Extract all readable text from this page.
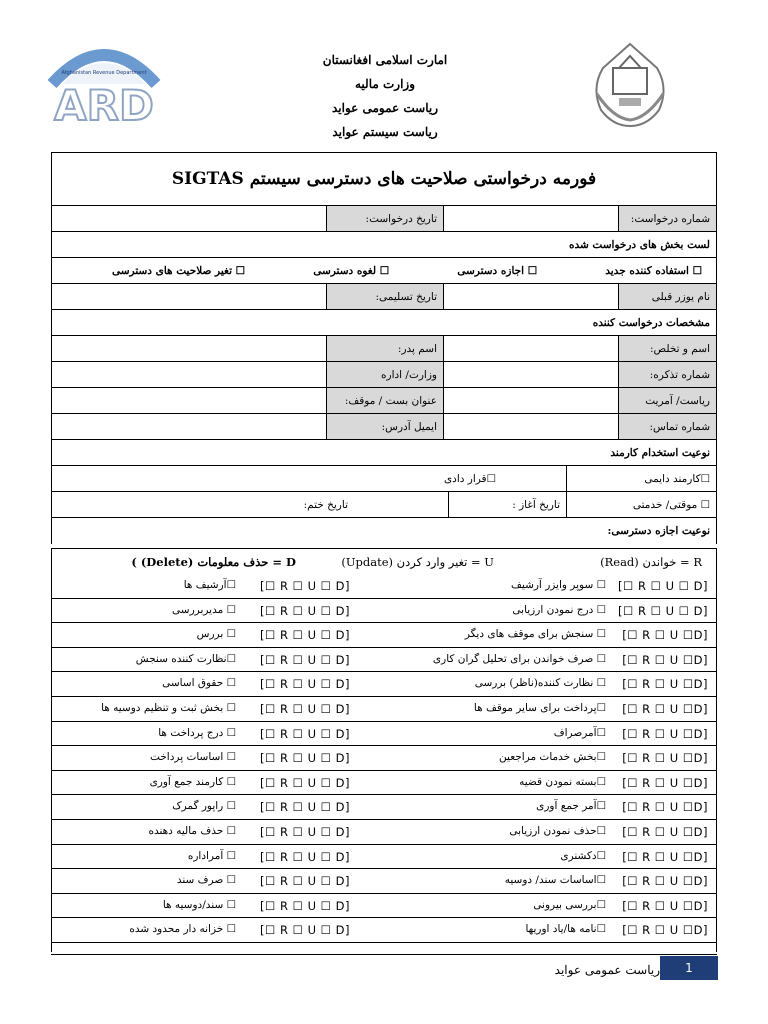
Afghanistan Revenue Department
ARD
امارت اسلامی افغانستان
وزارت مالیه
ریاست عمومی عواید
ریاست سیستم عواید
فورمه درخواستی صلاحیت های دسترسی سیستم SIGTAS
شماره درخواست:
تاریخ درخواست:
لست بخش های درخواست شده
☐ استفاده کننده جدید
☐ اجازه دسترسی
☐ لغوه دسترسی
☐ تغیر صلاحیت های دسترسی
نام یوزر قبلی
تاریخ تسلیمی:
مشخصات درخواست کننده
اسم و تخلص:
اسم پدر:
شماره تذکره:
وزارت/ اداره
ریاست/ آمریت
عنوان بست / موقف:
شماره تماس:
ایمیل آدرس:
نوعیت استخدام کارمند
☐کارمند دایمی
☐قرار دادی
☐ موقتی/ خدمتی
تاریخ آغاز :
تاریخ ختم:
نوعیت اجازه دسترسی:
R = خواندن (Read)
U = تغیر وارد کردن (Update)
D = حذف معلومات (Delete) )
☐ سوپر وایزر آرشیف [☐ R ☐ U ☐ D]
☐آرشیف ها [☐ R ☐ U ☐ D]
☐ درج نمودن ارزیابی [☐ R ☐ U ☐ D]
☐ مدیربررسی [☐ R ☐ U ☐ D]
☐ سنجش برای موقف های دیگر [☐ R ☐ U ☐D]
☐ بررس [☐ R ☐ U ☐ D]
☐ صرف خواندن برای تحلیل گران کاری [☐ R ☐ U ☐D]
☐نظارت کننده سنجش [☐ R ☐ U ☐ D]
☐ نظارت کننده(ناظر) بررسی [☐ R ☐ U ☐D]
☐ حقوق اساسی [☐ R ☐ U ☐ D]
☐پرداخت برای سایر موقف ها [☐ R ☐ U ☐D]
☐ بخش ثبت و تنظیم دوسیه ها [☐ R ☐ U ☐ D]
☐آمرصراف [☐ R ☐ U ☐D]
☐ درج پرداخت ها [☐ R ☐ U ☐ D]
☐بخش خدمات مراجعین [☐ R ☐ U ☐D]
☐ اساسات پرداخت [☐ R ☐ U ☐ D]
☐بسته نمودن قضیه [☐ R ☐ U ☐D]
☐ کارمند جمع آوری [☐ R ☐ U ☐ D]
☐آمر جمع آوری [☐ R ☐ U ☐D]
☐ راپور گمرک [☐ R ☐ U ☐ D]
☐حذف نمودن ارزیابی [☐ R ☐ U ☐D]
☐ حذف مالیه دهنده [☐ R ☐ U ☐ D]
☐دکشنری [☐ R ☐ U ☐D]
☐ آمراداره [☐ R ☐ U ☐ D]
☐اساسات سند/ دوسیه [☐ R ☐ U ☐D]
☐ صرف سند [☐ R ☐ U ☐ D]
☐بررسی بیرونی [☐ R ☐ U ☐D]
☐ سند/دوسیه ها [☐ R ☐ U ☐ D]
☐نامه ها/یاد اوریها [☐ R ☐ U ☐D]
☐ خزانه دار محدود شده [☐ R ☐ U ☐ D]
ریاست عمومی عواید	1
